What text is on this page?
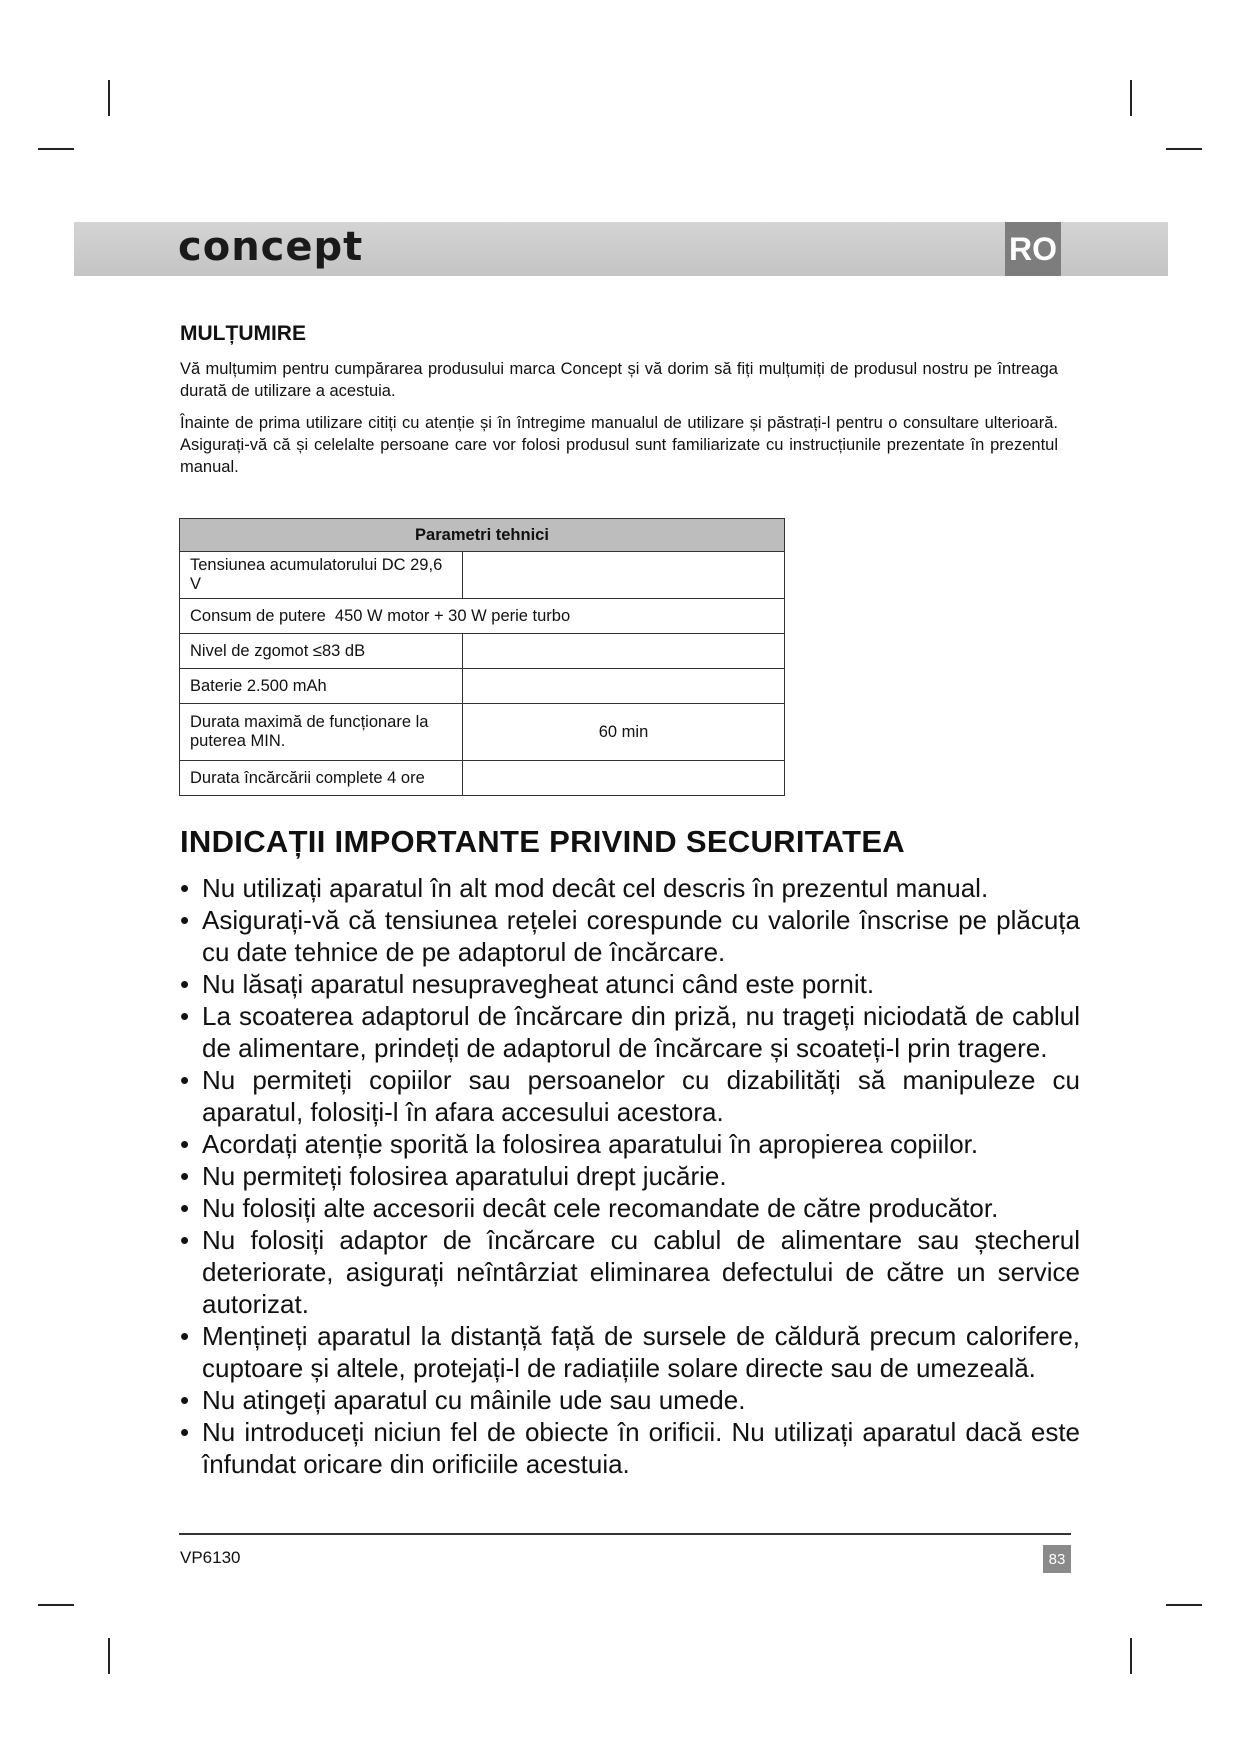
concept	RO
MULȚUMIRE

Vă mulțumim pentru cumpărarea produsului marca Concept și vă dorim să fiți mulțumiți de produsul nostru pe întreaga durată de utilizare a acestuia.

Înainte de prima utilizare citiți cu atenție și în întregime manualul de utilizare și păstrați-l pentru o consultare ulterioară. Asigurați-vă că și celelalte persoane care vor folosi produsul sunt familiarizate cu instrucțiunile prezentate în prezentul manual.

Parametri tehnici	
Tensiunea acumulatorului DC 29,6 V	
Consum de putere 450 W motor + 30 W perie turbo	
Nivel de zgomot ≤83 dB	
Baterie 2.500 mAh	
Durata maximă de funcționare la puterea MIN.	60 min
Durata încărcării complete 4 ore	
INDICAȚII IMPORTANTE PRIVIND SECURITATEA
• Nu utilizați aparatul în alt mod decât cel descris în prezentul manual.
• Asigurați-vă că tensiunea rețelei corespunde cu valorile înscrise pe plăcuța cu date tehnice de pe adaptorul de încărcare.
• Nu lăsați aparatul nesupravegheat atunci când este pornit.
• La scoaterea adaptorul de încărcare din priză, nu trageți niciodată de cablul de alimentare, prindeți de adaptorul de încărcare și scoateți-l prin tragere.
• Nu permiteți copiilor sau persoanelor cu dizabilități să manipuleze cu aparatul, folosiți-l în afara accesului acestora.
• Acordați atenție sporită la folosirea aparatului în apropierea copiilor.
• Nu permiteți folosirea aparatului drept jucărie.
• Nu folosiți alte accesorii decât cele recomandate de către producător.
• Nu folosiți adaptor de încărcare cu cablul de alimentare sau ștecherul deteriorate, asigurați neîntârziat eliminarea defectului de către un service autorizat.
• Mențineți aparatul la distanță față de sursele de căldură precum calorifere, cuptoare și altele, protejați-l de radiațiile solare directe sau de umezeală.
• Nu atingeți aparatul cu mâinile ude sau umede.
• Nu introduceți niciun fel de obiecte în orificii. Nu utilizați aparatul dacă este înfundat oricare din orificiile acestuia.
VP6130	83
